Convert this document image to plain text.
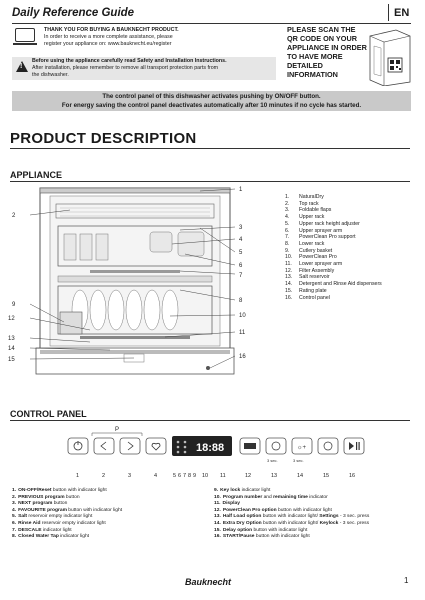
Daily Reference Guide	EN
THANK YOU FOR BUYING A BAUKNECHT PRODUCT.
In order to receive a more complete assistance, please
register your appliance on: www.bauknecht.eu/register
PLEASE SCAN THE QR CODE ON YOUR APPLIANCE IN ORDER TO HAVE MORE DETAILED INFORMATION
!
Before using the appliance carefully read Safety and Installation Instructions.
After installation, please remember to remove all transport protection parts from
the dishwasher.
The control panel of this dishwasher activates pushing by ON/OFF button.
For energy saving the control panel deactivates automatically after 10 minutes if no cycle has started.
PRODUCT DESCRIPTION
APPLIANCE
1
2
3
4
5
6
7
8
9
10
11
12
13
14
15	16
1. NaturalDry
2. Top rack
3. Foldable flaps
4. Upper rack
5. Upper rack height adjuster
6. Upper sprayer arm
7. PowerClean Pro support
8. Lower rack
9. Cutlery basket
10. PowerClean Pro
11. Lower sprayer arm
12. Filter Assembly
13. Salt reservoir
14. Detergent and Rinse Aid dispensers
15. Rating plate
16. Control panel
CONTROL PANEL
P
18:88	☼+
3 sec.	3 sec.
1	2	3	4	5 6 7 8 9 10 11	12	13	14	15	16
1. ON-OFF/Reset button with indicator light
2. PREVIOUS program button
3. NEXT program button
4. FAVOURITE program button with indicator light
5. Salt reservoir empty indicator light
6. Rinse Aid reservoir empty indicator light
7. DESCALE indicator light
8. Closed Water Tap indicator light
9. Key lock indicator light
10. Program number and remaining time indicator
11. Display
12. PowerClean Pro option button with indicator light
13. Half Load option button with indicator light/ Settings - 3 sec. press
14. Extra Dry Option button with indicator light/ Keylock - 3 sec. press
15. Delay option button with indicator light
16. START/Pause button with indicator light
Bauknecht	1
